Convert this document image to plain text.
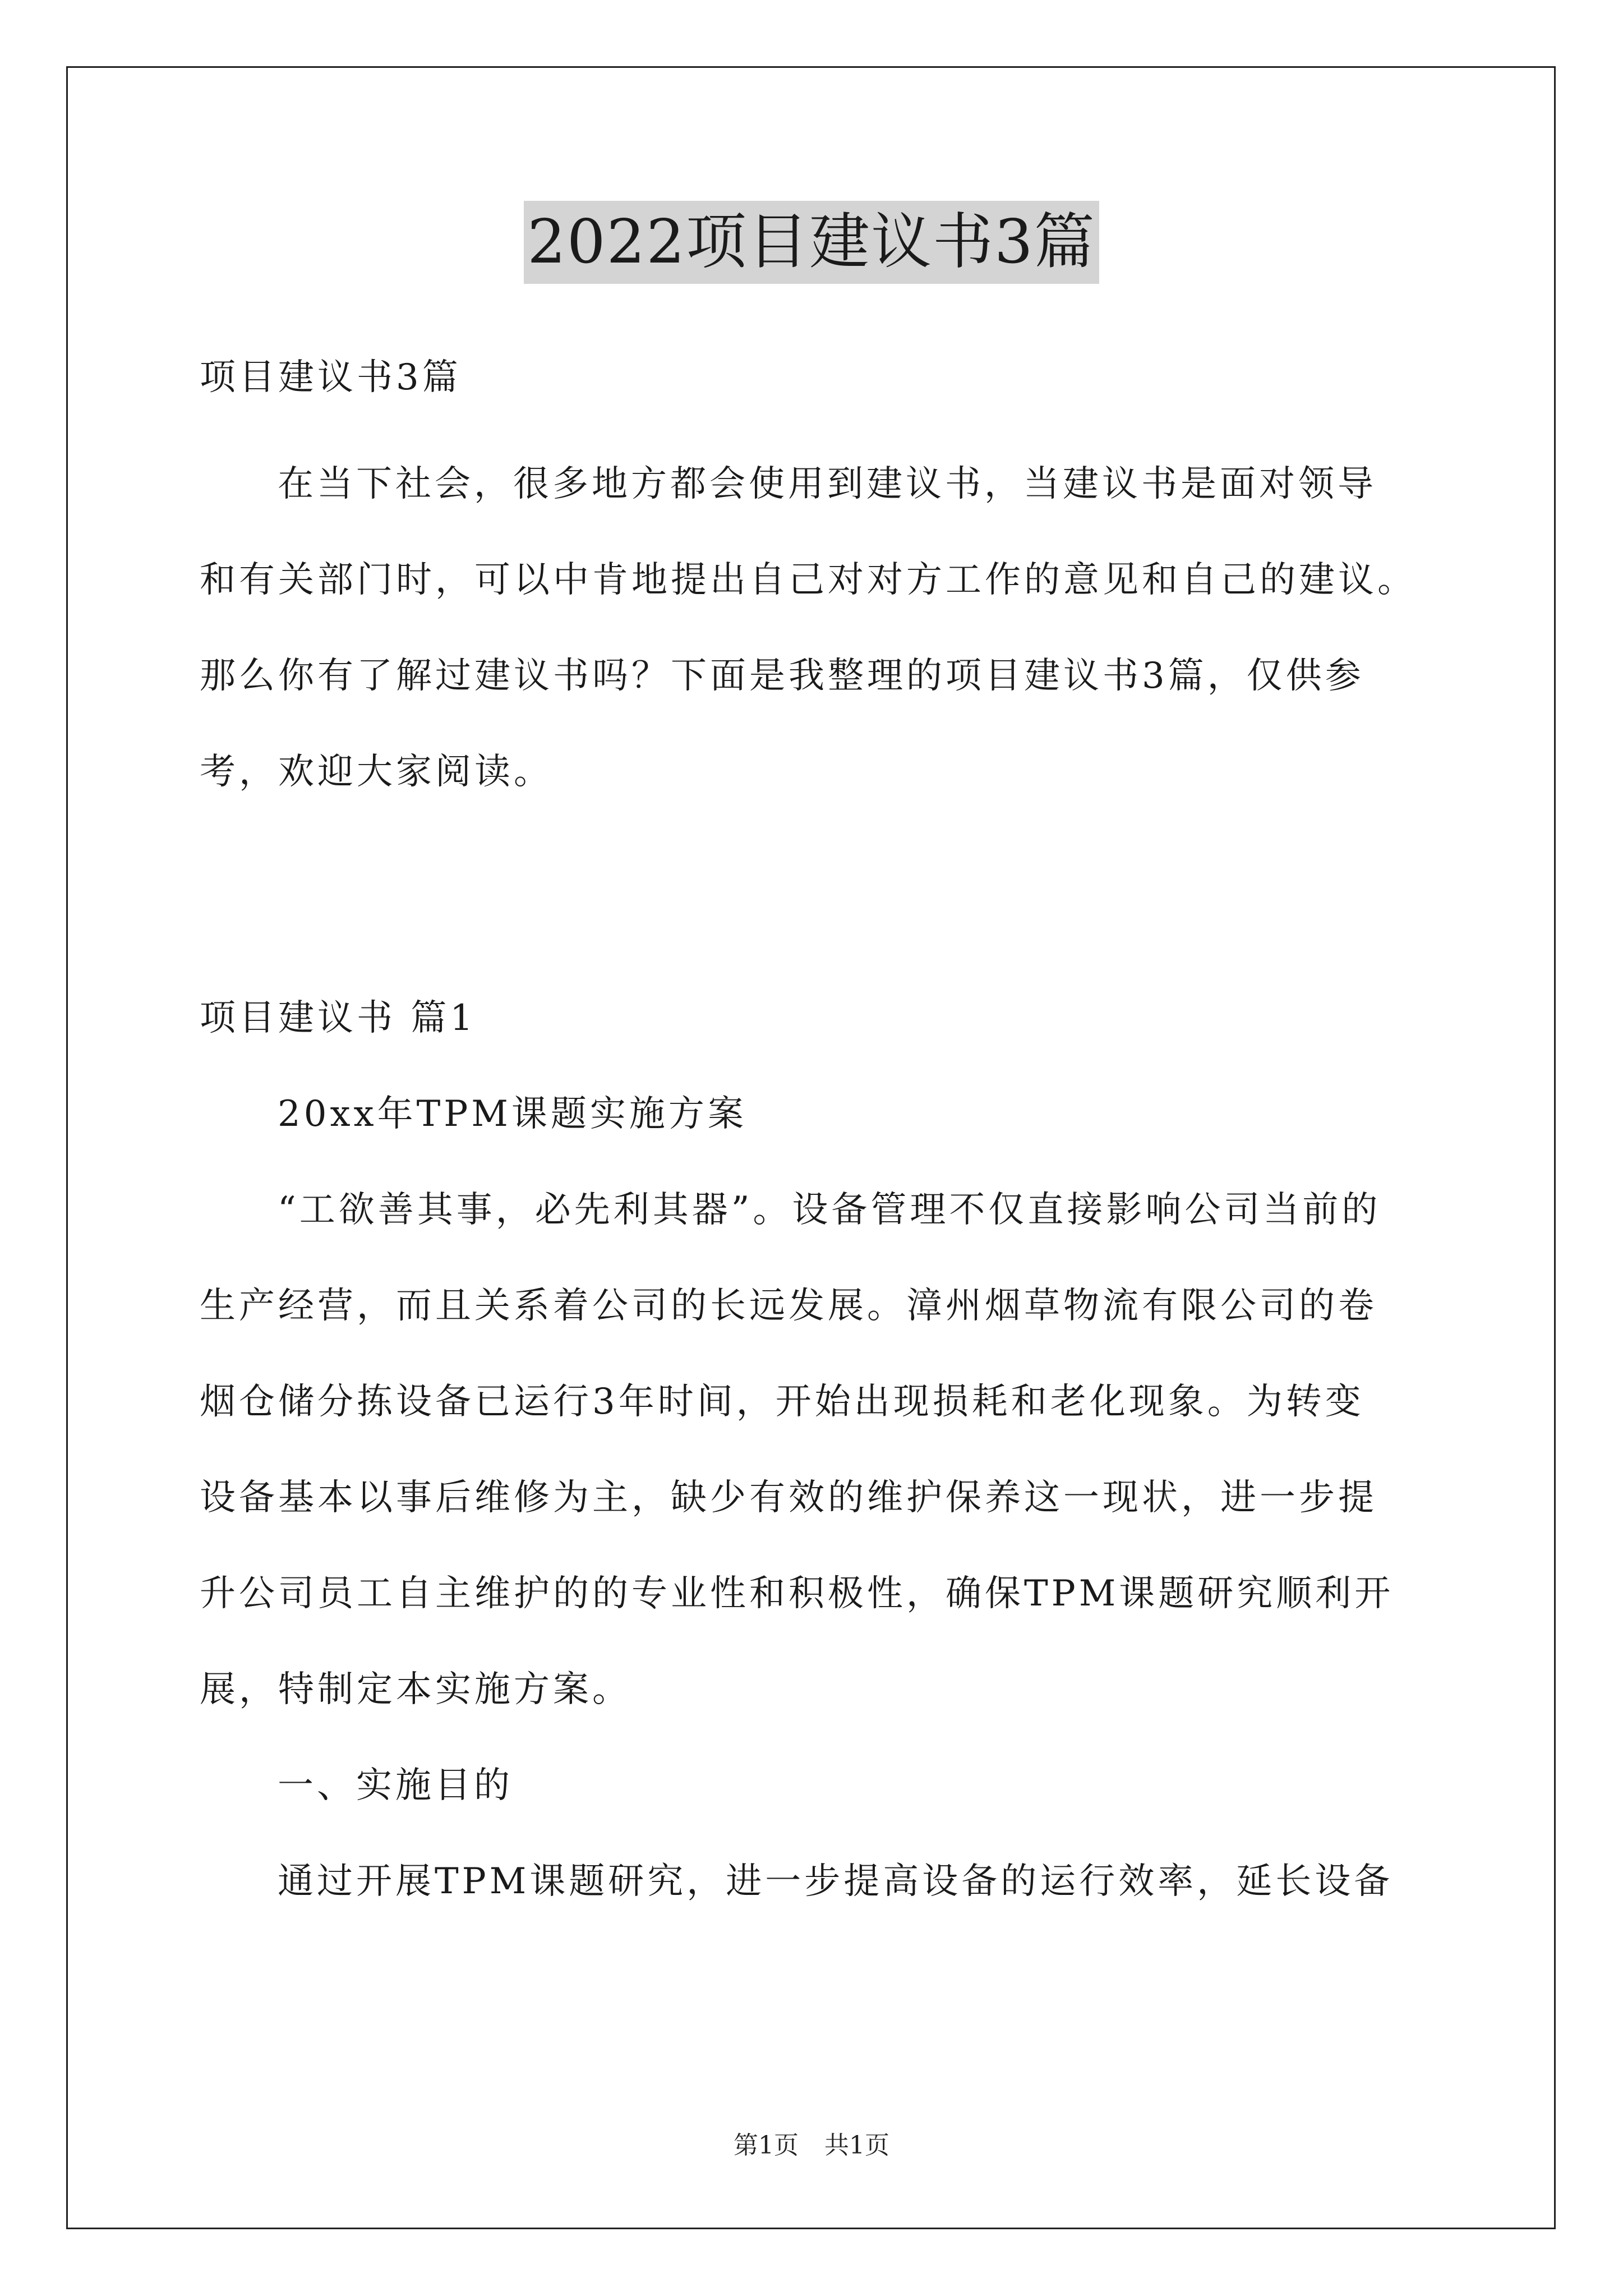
2022项目建议书3篇
项目建议书3篇
在当下社会，很多地方都会使用到建议书，当建议书是面对领导
和有关部门时，可以中肯地提出自己对对方工作的意见和自己的建议。
那么你有了解过建议书吗？下面是我整理的项目建议书3篇，仅供参
考，欢迎大家阅读。
项目建议书 篇1
20xx年TPM课题实施方案
“工欲善其事，必先利其器”。设备管理不仅直接影响公司当前的
生产经营，而且关系着公司的长远发展。漳州烟草物流有限公司的卷
烟仓储分拣设备已运行3年时间，开始出现损耗和老化现象。为转变
设备基本以事后维修为主，缺少有效的维护保养这一现状，进一步提
升公司员工自主维护的的专业性和积极性，确保TPM课题研究顺利开
展，特制定本实施方案。
一、实施目的
通过开展TPM课题研究，进一步提高设备的运行效率，延长设备
第1页 共1页
